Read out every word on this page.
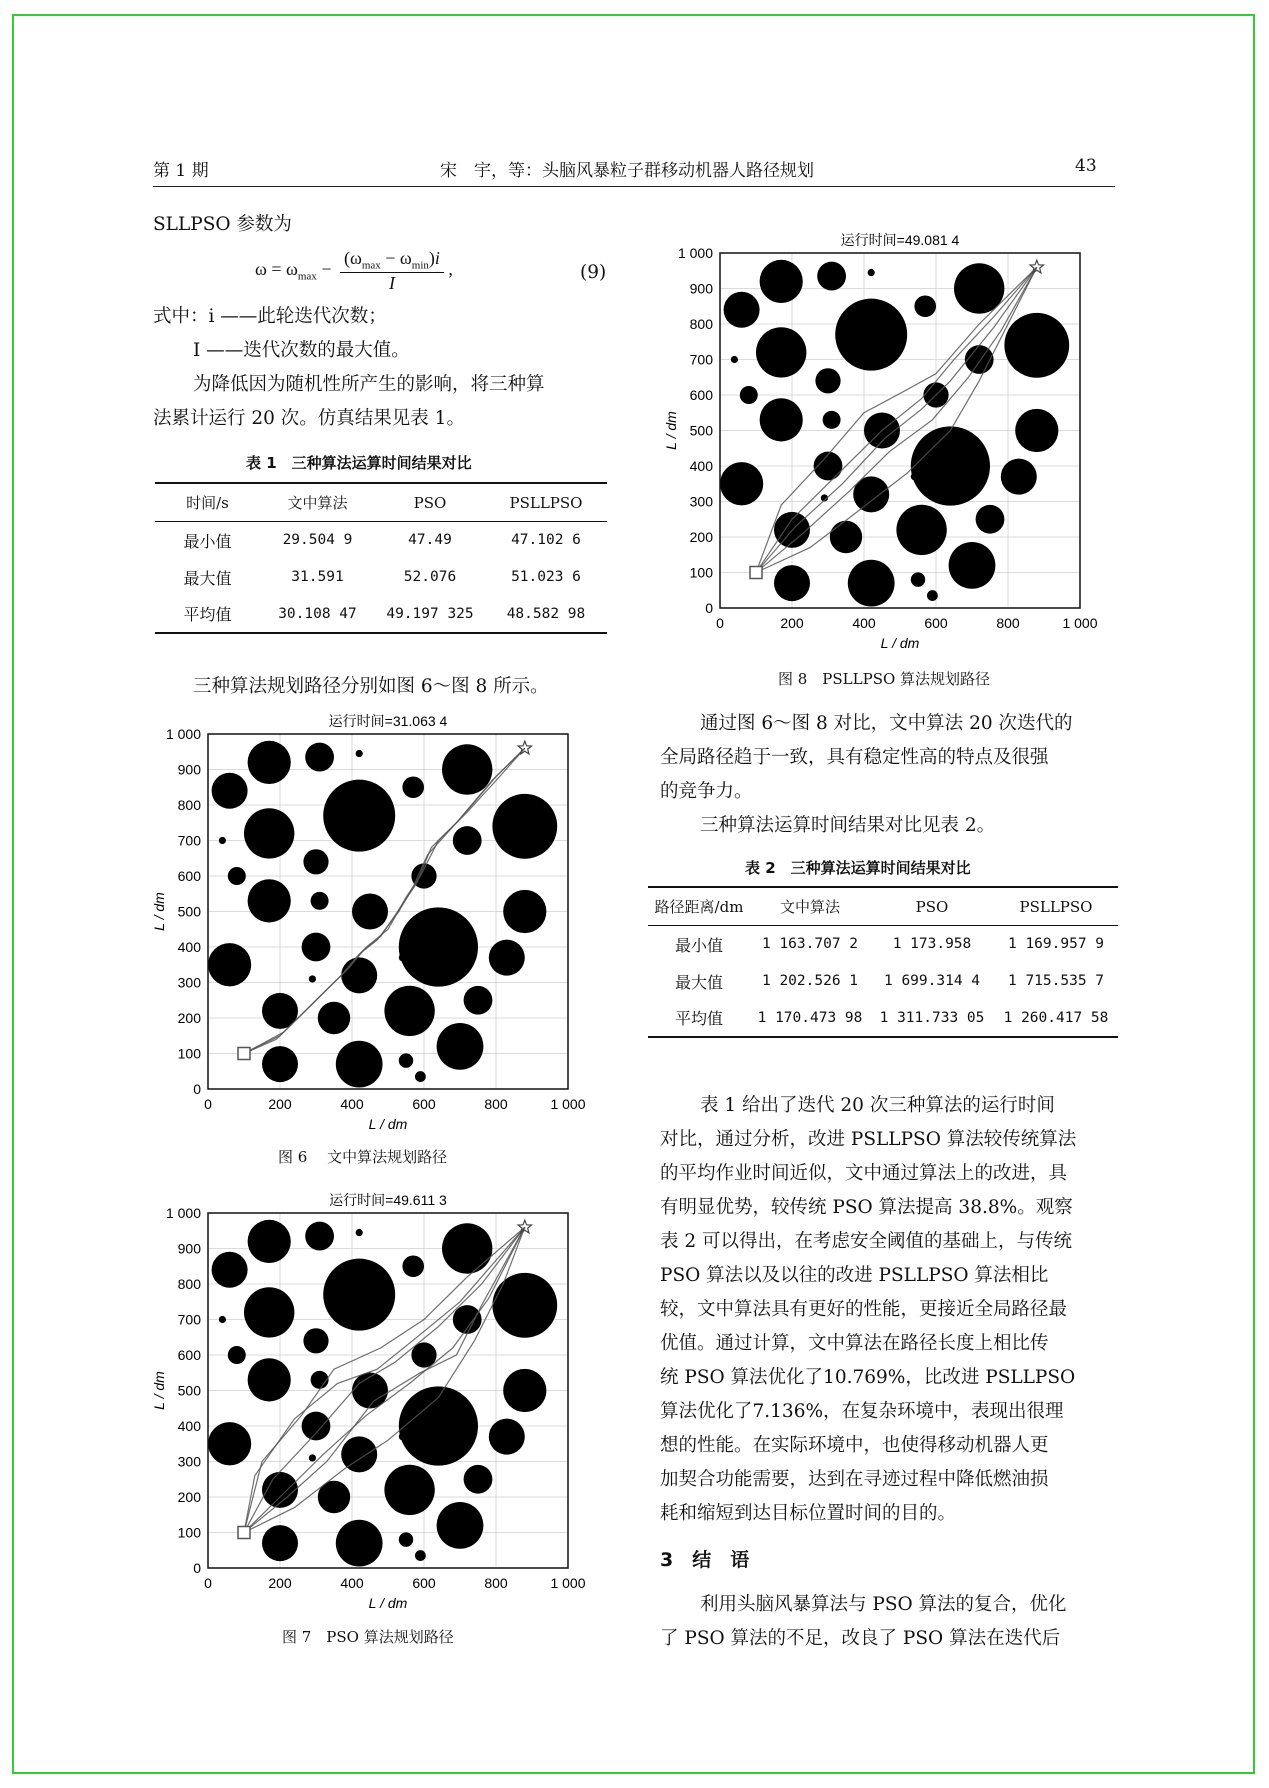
第 1 期	宋　宇，等：头脑风暴粒子群移动机器人路径规划	43
SLLPSO 参数为
$\omega = \omega_{max}$ −
$(\omega_{max} - \omega_{min})i$
I
,	(9)
式中：i ——此轮迭代次数；
I ——迭代次数的最大值。
为降低因为随机性所产生的影响，将三种算
法累计运行 20 次。仿真结果见表 1。
表 1　三种算法运算时间结果对比
时间/s	文中算法	PSO	PSLLPSO
最小值	29.504 9	47.49	47.102 6
最大值	31.591	52.076	51.023 6
平均值	30.108 47	49.197 325	48.582 98
三种算法规划路径分别如图 6～图 8 所示。
0
100
200
300
400
500
600
700
800
900
1 000
0	200	400	600	800	1 000
运行时间=31.063 4
L / dm
L / dm
图 6　 文中算法规划路径
0
100
200
300
400
500
600
700
800
900
1 000
0	200	400	600	800	1 000
运行时间=49.611 3
L / dm
L / dm
图 7　PSO 算法规划路径
0
100
200
300
400
500
600
700
800
900
1 000
0	200	400	600	800	1 000
运行时间=49.081 4
L / dm
L / dm
图 8　PSLLPSO 算法规划路径
通过图 6～图 8 对比，文中算法 20 次迭代的
全局路径趋于一致，具有稳定性高的特点及很强
的竞争力。
三种算法运算时间结果对比见表 2。
表 2　三种算法运算时间结果对比
路径距离/dm	文中算法	PSO	PSLLPSO
最小值	1 163.707 2	1 173.958	1 169.957 9
最大值	1 202.526 1	1 699.314 4	1 715.535 7
平均值	1 170.473 98	1 311.733 05	1 260.417 58
表 1 给出了迭代 20 次三种算法的运行时间
对比，通过分析，改进 PSLLPSO 算法较传统算法
的平均作业时间近似，文中通过算法上的改进，具
有明显优势，较传统 PSO 算法提高 38.8%。观察
表 2 可以得出，在考虑安全阈值的基础上，与传统
PSO 算法以及以往的改进 PSLLPSO 算法相比
较，文中算法具有更好的性能，更接近全局路径最
优值。通过计算，文中算法在路径长度上相比传
统 PSO 算法优化了10.769%，比改进 PSLLPSO
算法优化了7.136%，在复杂环境中，表现出很理
想的性能。在实际环境中，也使得移动机器人更
加契合功能需要，达到在寻迹过程中降低燃油损
耗和缩短到达目标位置时间的目的。
3　结　语
利用头脑风暴算法与 PSO 算法的复合，优化
了 PSO 算法的不足，改良了 PSO 算法在迭代后
